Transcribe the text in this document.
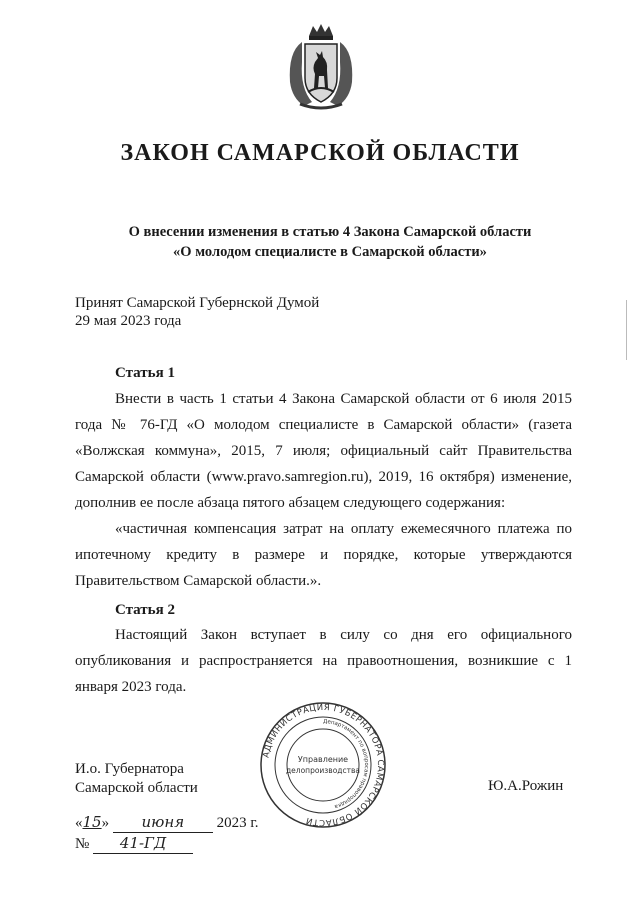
ЗАКОН САМАРСКОЙ ОБЛАСТИ
О внесении изменения в статью 4 Закона Самарской области
«О молодом специалисте в Самарской области»
Принят Самарской Губернской Думой
29 мая 2023 года
Статья 1
Внести в часть 1 статьи 4 Закона Самарской области от 6 июля 2015 года № 76-ГД «О молодом специалисте в Самарской области» (газета «Волжская коммуна», 2015, 7 июля; официальный сайт Правительства Самарской области (www.pravo.samregion.ru), 2019, 16 октября) изменение, дополнив ее после абзаца пятого абзацем следующего содержания:
«частичная компенсация затрат на оплату ежемесячного платежа по ипотечному кредиту в размере и порядке, которые утверждаются Правительством Самарской области.».
Статья 2
Настоящий Закон вступает в силу со дня его официального опубликования и распространяется на правоотношения, возникшие с 1 января 2023 года.
АДМИНИСТРАЦИЯ ГУБЕРНАТОРА САМАРСКОЙ ОБЛАСТИ
Департамент по вопросам правопорядка
Управление
делопроизводства
И.о. Губернатора
Самарской области	Ю.А.Рожин
«15» июня 2023 г.
№ 41-ГД
